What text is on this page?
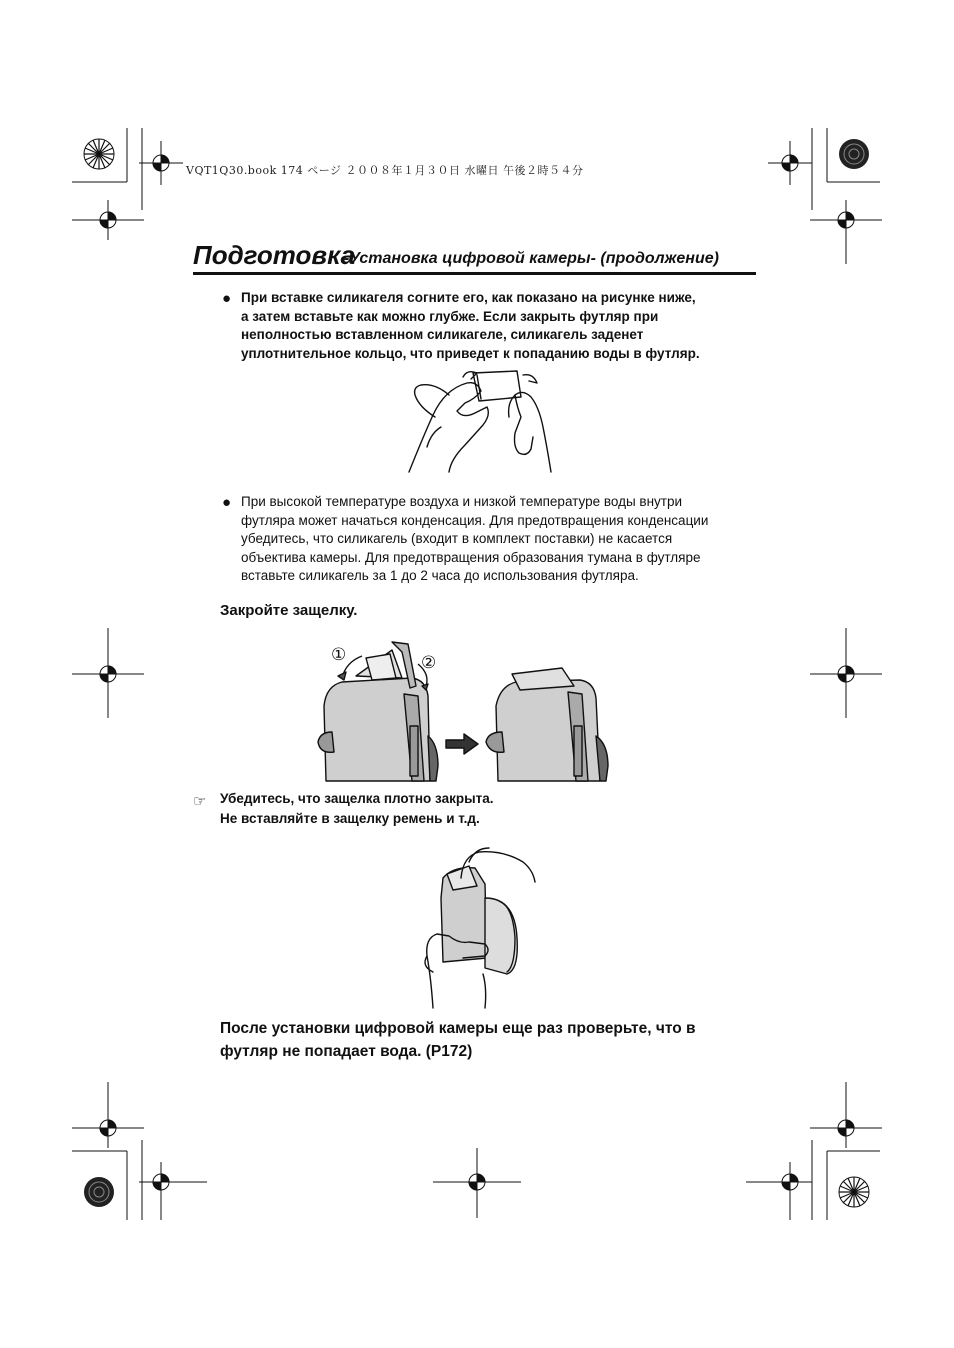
VQT1Q30.book 174 ページ ２００８年１月３０日 水曜日 午後２時５４分
Подготовка
-Установка цифровой камеры- (продолжение)
● При вставке силикагеля согните его, как показано на рисунке ниже,
а затем вставьте как можно глубже. Если закрыть футляр при
неполностью вставленном силикагеле, силикагель заденет
уплотнительное кольцо, что приведет к попаданию воды в футляр.
● При высокой температуре воздуха и низкой температуре воды внутри
футляра может начаться конденсация. Для предотвращения конденсации
убедитесь, что силикагель (входит в комплект поставки) не касается
объектива камеры. Для предотвращения образования тумана в футляре
вставьте силикагель за 1 до 2 часа до использования футляра.
Закройте защелку.
①	②
☞ Убедитесь, что защелка плотно закрыта.
Не вставляйте в защелку ремень и т.д.
После установки цифровой камеры еще раз проверьте, что в
футляр не попадает вода. (P172)
